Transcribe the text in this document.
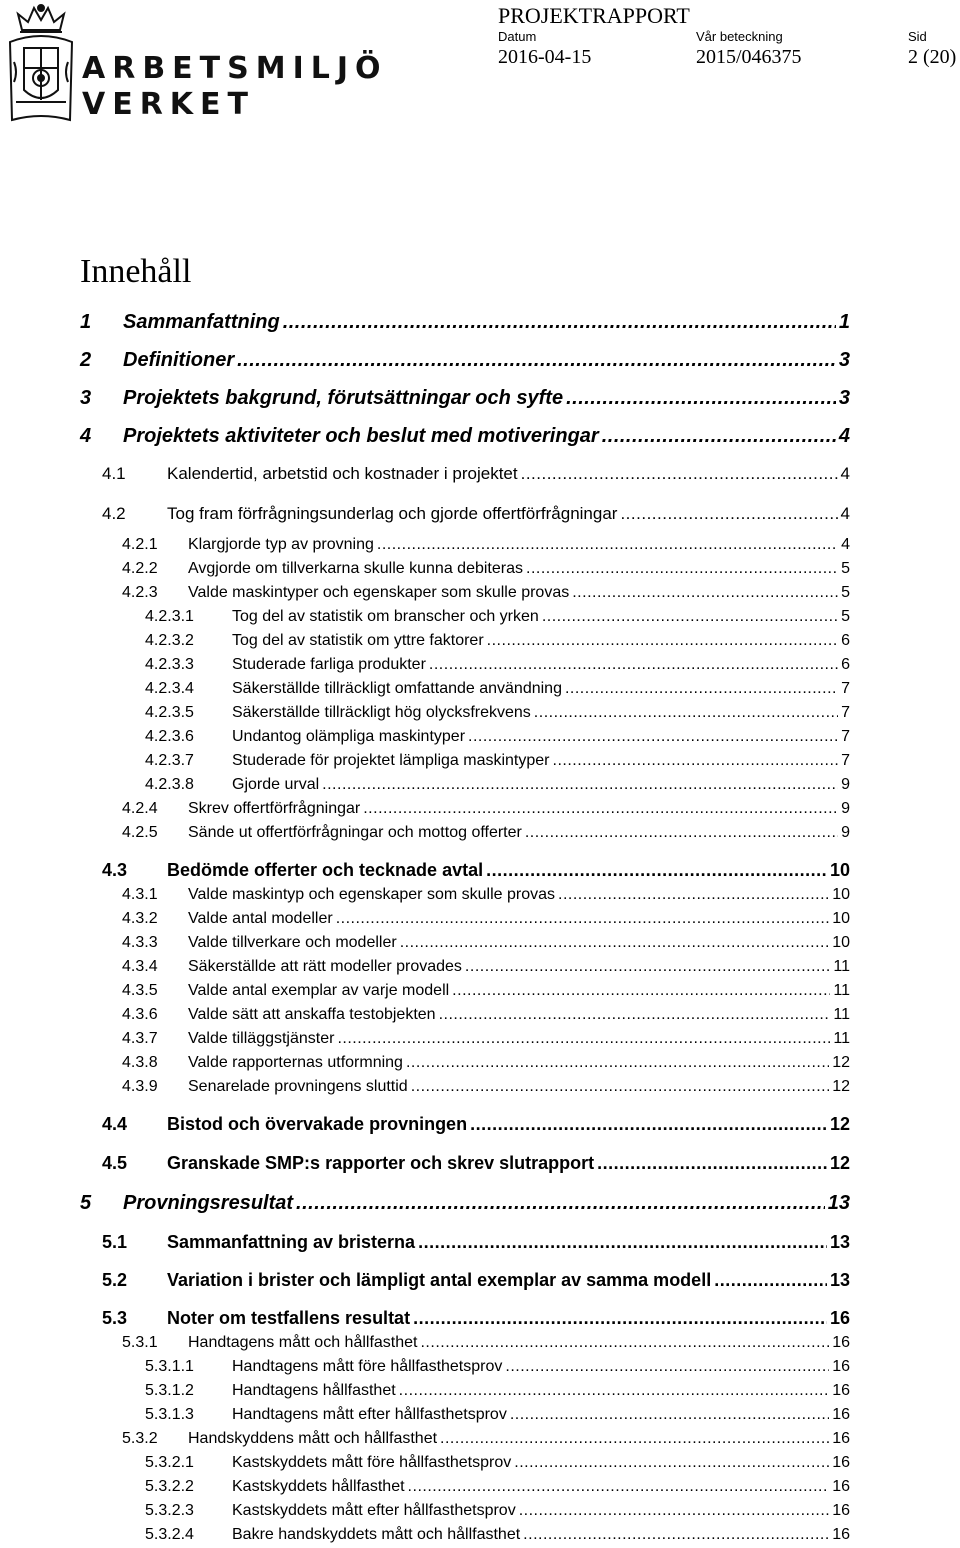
ARBETSMILJÖ
VERKET
PROJEKTRAPPORT
Datum
2016-04-15
Vår beteckning
2015/046375
Sid
2 (20)
Innehåll
1	Sammanfattning .....	1
2	Definitioner .....	3
3	Projektets bakgrund, förutsättningar och syfte .....	3
4	Projektets aktiviteter och beslut med motiveringar .....	4
4.1	Kalendertid, arbetstid och kostnader i projektet .....	4
4.2	Tog fram förfrågningsunderlag och gjorde offertförfrågningar .....	4
4.2.1	Klargjorde typ av provning .....	4
4.2.2	Avgjorde om tillverkarna skulle kunna debiteras .....	5
4.2.3	Valde maskintyper och egenskaper som skulle provas .....	5
4.2.3.1	Tog del av statistik om branscher och yrken .....	5
4.2.3.2	Tog del av statistik om yttre faktorer .....	6
4.2.3.3	Studerade farliga produkter .....	6
4.2.3.4	Säkerställde tillräckligt omfattande användning .....	7
4.2.3.5	Säkerställde tillräckligt hög olycksfrekvens .....	7
4.2.3.6	Undantog olämpliga maskintyper .....	7
4.2.3.7	Studerade för projektet lämpliga maskintyper .....	7
4.2.3.8	Gjorde urval .....	9
4.2.4	Skrev offertförfrågningar .....	9
4.2.5	Sände ut offertförfrågningar och mottog offerter .....	9
4.3	Bedömde offerter och tecknade avtal .....	10
4.3.1	Valde maskintyp och egenskaper som skulle provas .....	10
4.3.2	Valde antal modeller .....	10
4.3.3	Valde tillverkare och modeller .....	10
4.3.4	Säkerställde att rätt modeller provades .....	11
4.3.5	Valde antal exemplar av varje modell .....	11
4.3.6	Valde sätt att anskaffa testobjekten .....	11
4.3.7	Valde tilläggstjänster .....	11
4.3.8	Valde rapporternas utformning .....	12
4.3.9	Senarelade provningens sluttid .....	12
4.4	Bistod och övervakade provningen .....	12
4.5	Granskade SMP:s rapporter och skrev slutrapport .....	12
5	Provningsresultat .....	13
5.1	Sammanfattning av bristerna .....	13
5.2	Variation i brister och lämpligt antal exemplar av samma modell .....	13
5.3	Noter om testfallens resultat .....	16
5.3.1	Handtagens mått och hållfasthet .....	16
5.3.1.1	Handtagens mått före hållfasthetsprov .....	16
5.3.1.2	Handtagens hållfasthet .....	16
5.3.1.3	Handtagens mått efter hållfasthetsprov .....	16
5.3.2	Handskyddens mått och hållfasthet .....	16
5.3.2.1	Kastskyddets mått före hållfasthetsprov .....	16
5.3.2.2	Kastskyddets hållfasthet .....	16
5.3.2.3	Kastskyddets mått efter hållfasthetsprov .....	16
5.3.2.4	Bakre handskyddets mått och hållfasthet .....	16
